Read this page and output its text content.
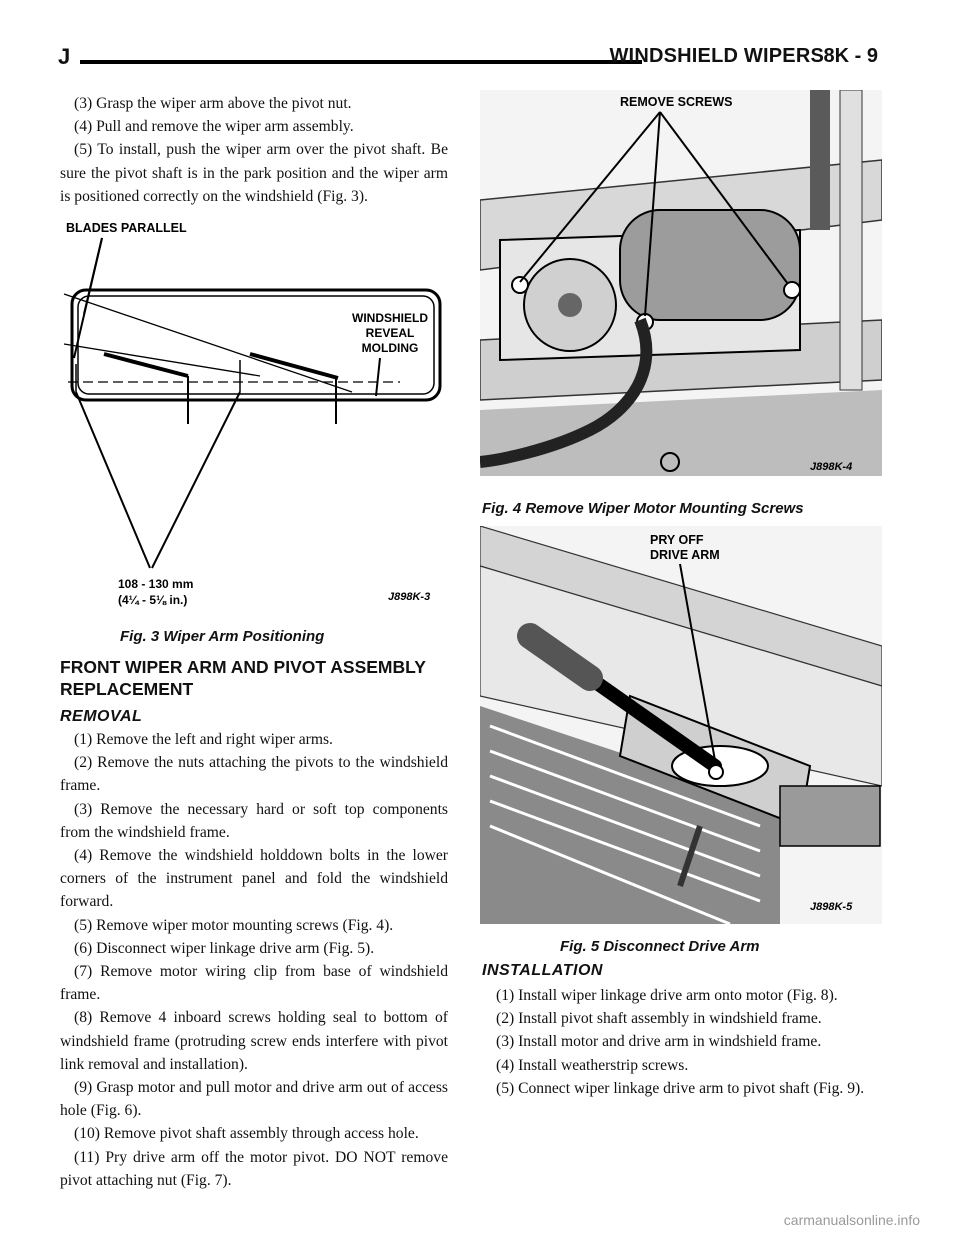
J	WINDSHIELD WIPERS 8K - 9

(3) Grasp the wiper arm above the pivot nut.

(4) Pull and remove the wiper arm assembly.

(5) To install, push the wiper arm over the pivot shaft. Be sure the pivot shaft is in the park position and the wiper arm is positioned correctly on the windshield (Fig. 3).

BLADES PARALLEL
WINDSHIELD
REVEAL
MOLDING
108 - 130 mm
(4¼ - 5⅛ in.)	J898K-3
Fig. 3 Wiper Arm Positioning
FRONT WIPER ARM AND PIVOT ASSEMBLY REPLACEMENT
REMOVAL

(1) Remove the left and right wiper arms.

(2) Remove the nuts attaching the pivots to the windshield frame.

(3) Remove the necessary hard or soft top components from the windshield frame.

(4) Remove the windshield holddown bolts in the lower corners of the instrument panel and fold the windshield forward.

(5) Remove wiper motor mounting screws (Fig. 4).

(6) Disconnect wiper linkage drive arm (Fig. 5).

(7) Remove motor wiring clip from base of windshield frame.

(8) Remove 4 inboard screws holding seal to bottom of windshield frame (protruding screw ends interfere with pivot link removal and installation).

(9) Grasp motor and pull motor and drive arm out of access hole (Fig. 6).

(10) Remove pivot shaft assembly through access hole.

(11) Pry drive arm off the motor pivot. DO NOT remove pivot attaching nut (Fig. 7).

REMOVE SCREWS
J898K-4
Fig. 4 Remove Wiper Motor Mounting Screws
PRY OFF
DRIVE ARM
J898K-5
Fig. 5 Disconnect Drive Arm
INSTALLATION

(1) Install wiper linkage drive arm onto motor (Fig. 8).

(2) Install pivot shaft assembly in windshield frame.

(3) Install motor and drive arm in windshield frame.

(4) Install weatherstrip screws.

(5) Connect wiper linkage drive arm to pivot shaft (Fig. 9).

carmanualsonline.info
